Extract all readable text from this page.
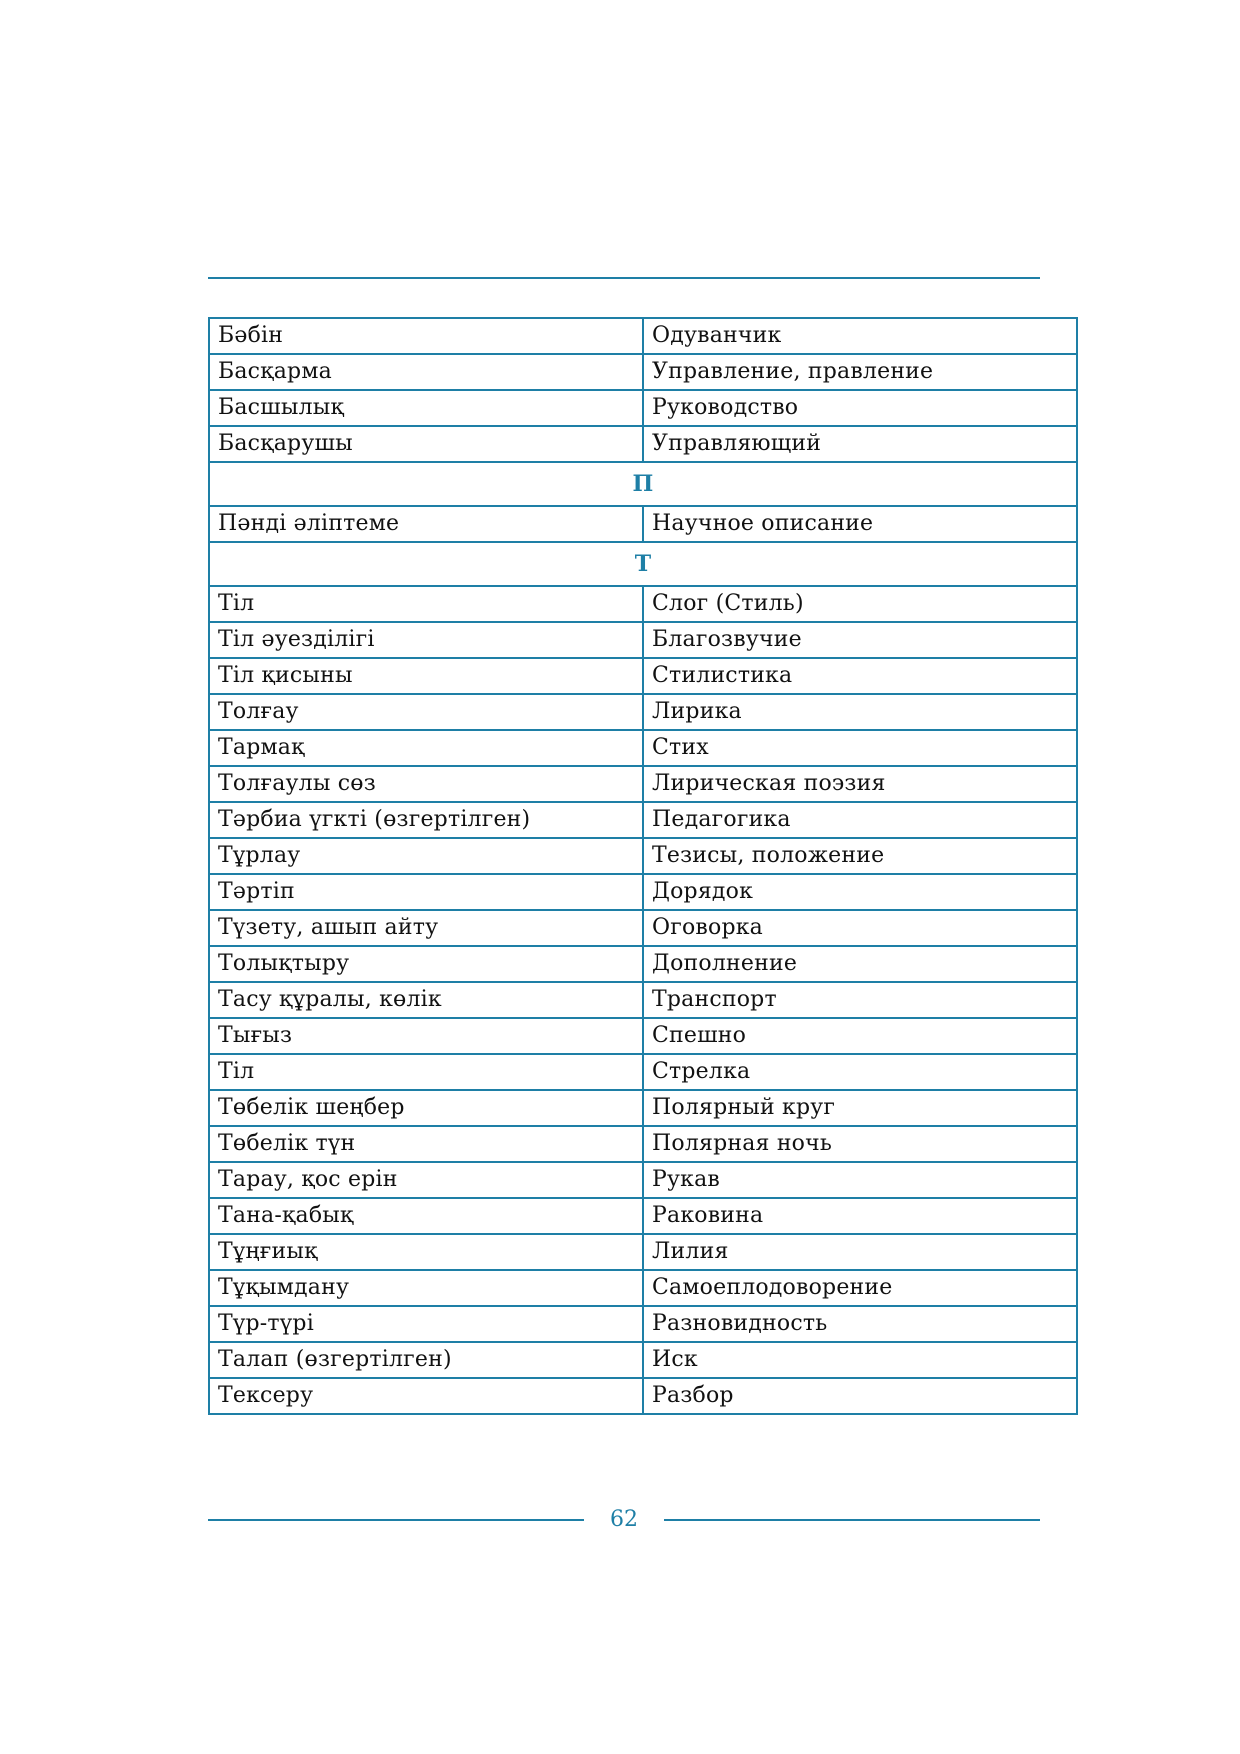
Бәбін	Одуванчик
Басқарма	Управление, правление
Басшылық	Руководство
Басқарушы	Управляющий
П	
Пәнді әліптеме	Научное описание
Т	
Тіл	Слог (Стиль)
Тіл әуезділігі	Благозвучие
Тіл қисыны	Стилистика
Толғау	Лирика
Тармақ	Стих
Толғаулы сөз	Лирическая поэзия
Тәрбиа үгкті (өзгертілген)	Педагогика
Тұрлау	Тезисы, положение
Тәртіп	Дорядок
Түзету, ашып айту	Оговорка
Толықтыру	Дополнение
Тасу құралы, көлік	Транспорт
Тығыз	Спешно
Тіл	Стрелка
Төбелік шеңбер	Полярный круг
Төбелік түн	Полярная ночь
Тарау, қос ерін	Рукав
Тана-қабық	Раковина
Тұңғиық	Лилия
Тұқымдану	Самоеплодоворение
Түр-түрі	Разновидность
Талап (өзгертілген)	Иск
Тексеру	Разбор
62
